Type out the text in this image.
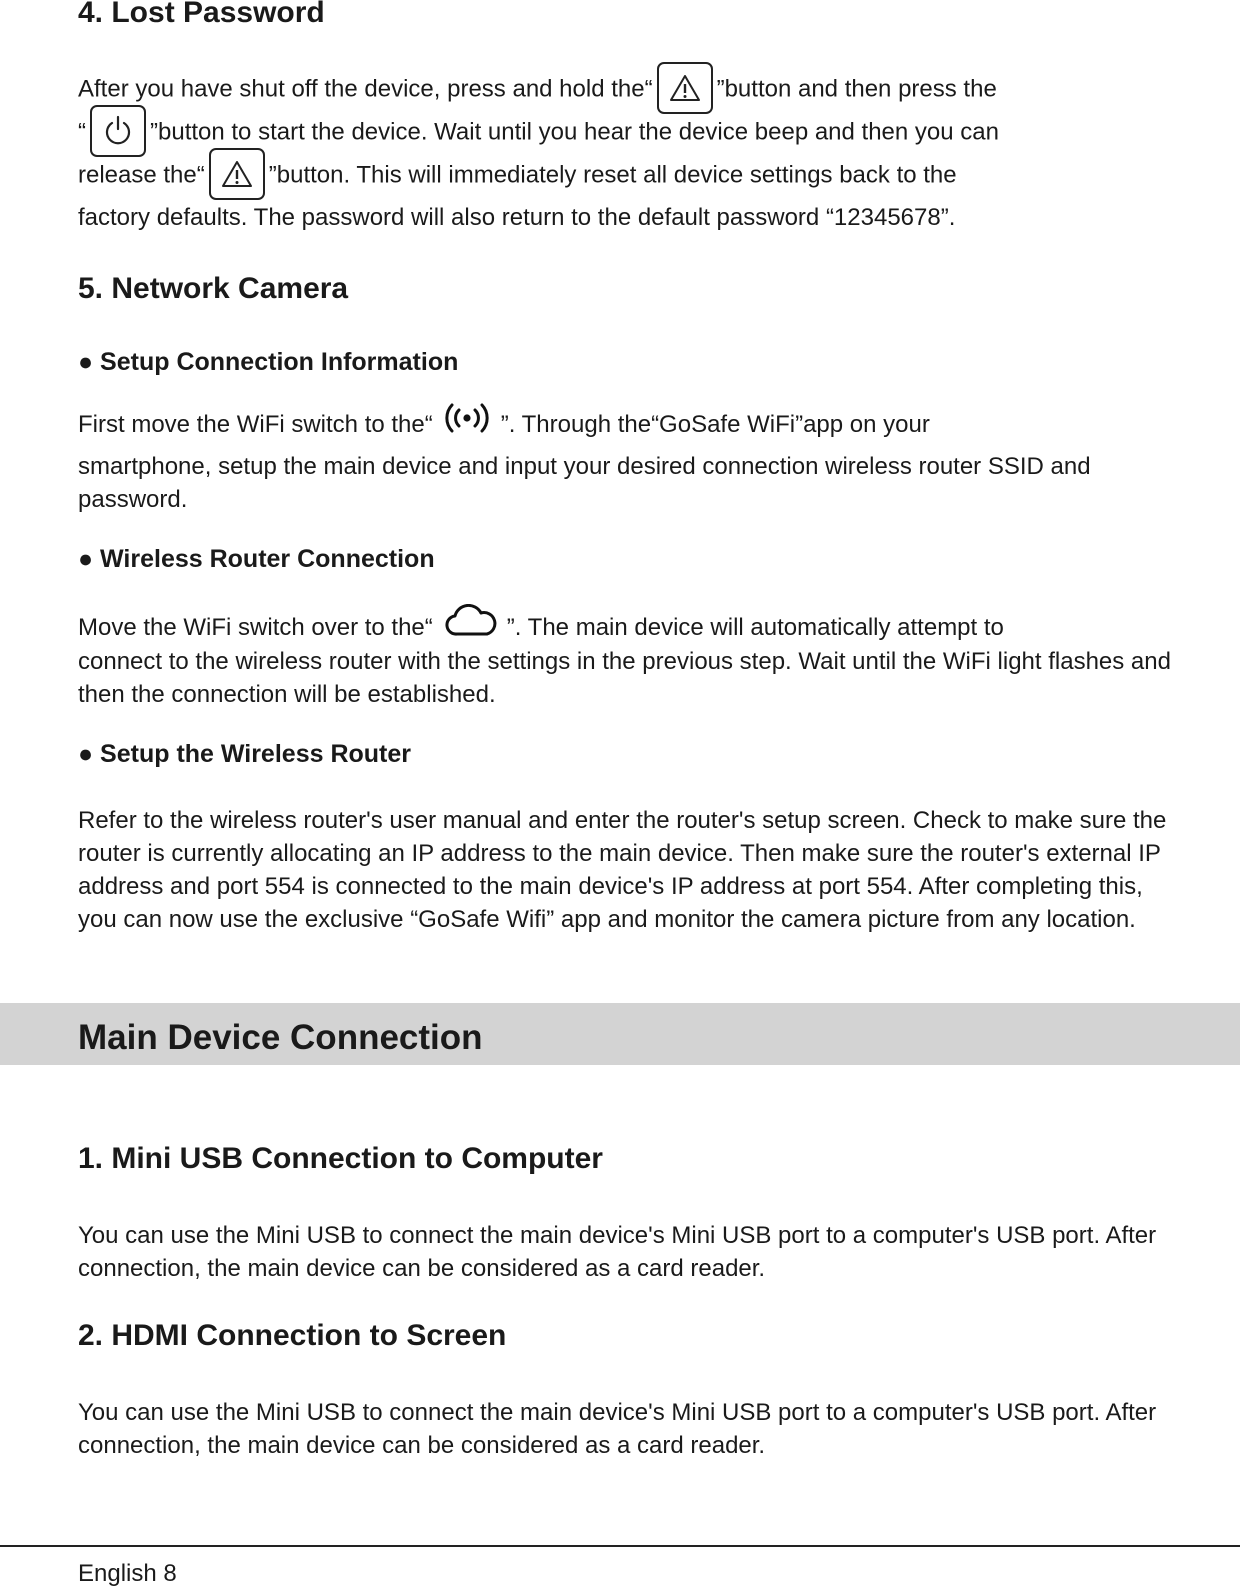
4. Lost Password
After you have shut off the device, press and hold the“	”button and then press the
“	”button to start the device. Wait until you hear the device beep and then you can
release the“	”button. This will immediately reset all device settings back to the
factory defaults. The password will also return to the default password “12345678”.
5. Network Camera
● Setup Connection Information
First move the WiFi switch to the“	”. Through the“GoSafe WiFi”app on your
smartphone, setup the main device and input your desired connection wireless router SSID and password.
● Wireless Router Connection
Move the WiFi switch over to the“	”. The main device will automatically attempt to
connect to the wireless router with the settings in the previous step. Wait until the WiFi light flashes and then the connection will be established.
● Setup the Wireless Router
Refer to the wireless router's user manual and enter the router's setup screen. Check to make sure the router is currently allocating an IP address to the main device. Then make sure the router's external IP address and port 554 is connected to the main device's IP address at port 554. After completing this, you can now use the exclusive “GoSafe Wifi” app and monitor the camera picture from any location.
Main Device Connection
1. Mini USB Connection to Computer
You can use the Mini USB to connect the main device's Mini USB port to a computer's USB port. After connection, the main device can be considered as a card reader.
2. HDMI Connection to Screen
You can use the Mini USB to connect the main device's Mini USB port to a computer's USB port. After connection, the main device can be considered as a card reader.
English 8
